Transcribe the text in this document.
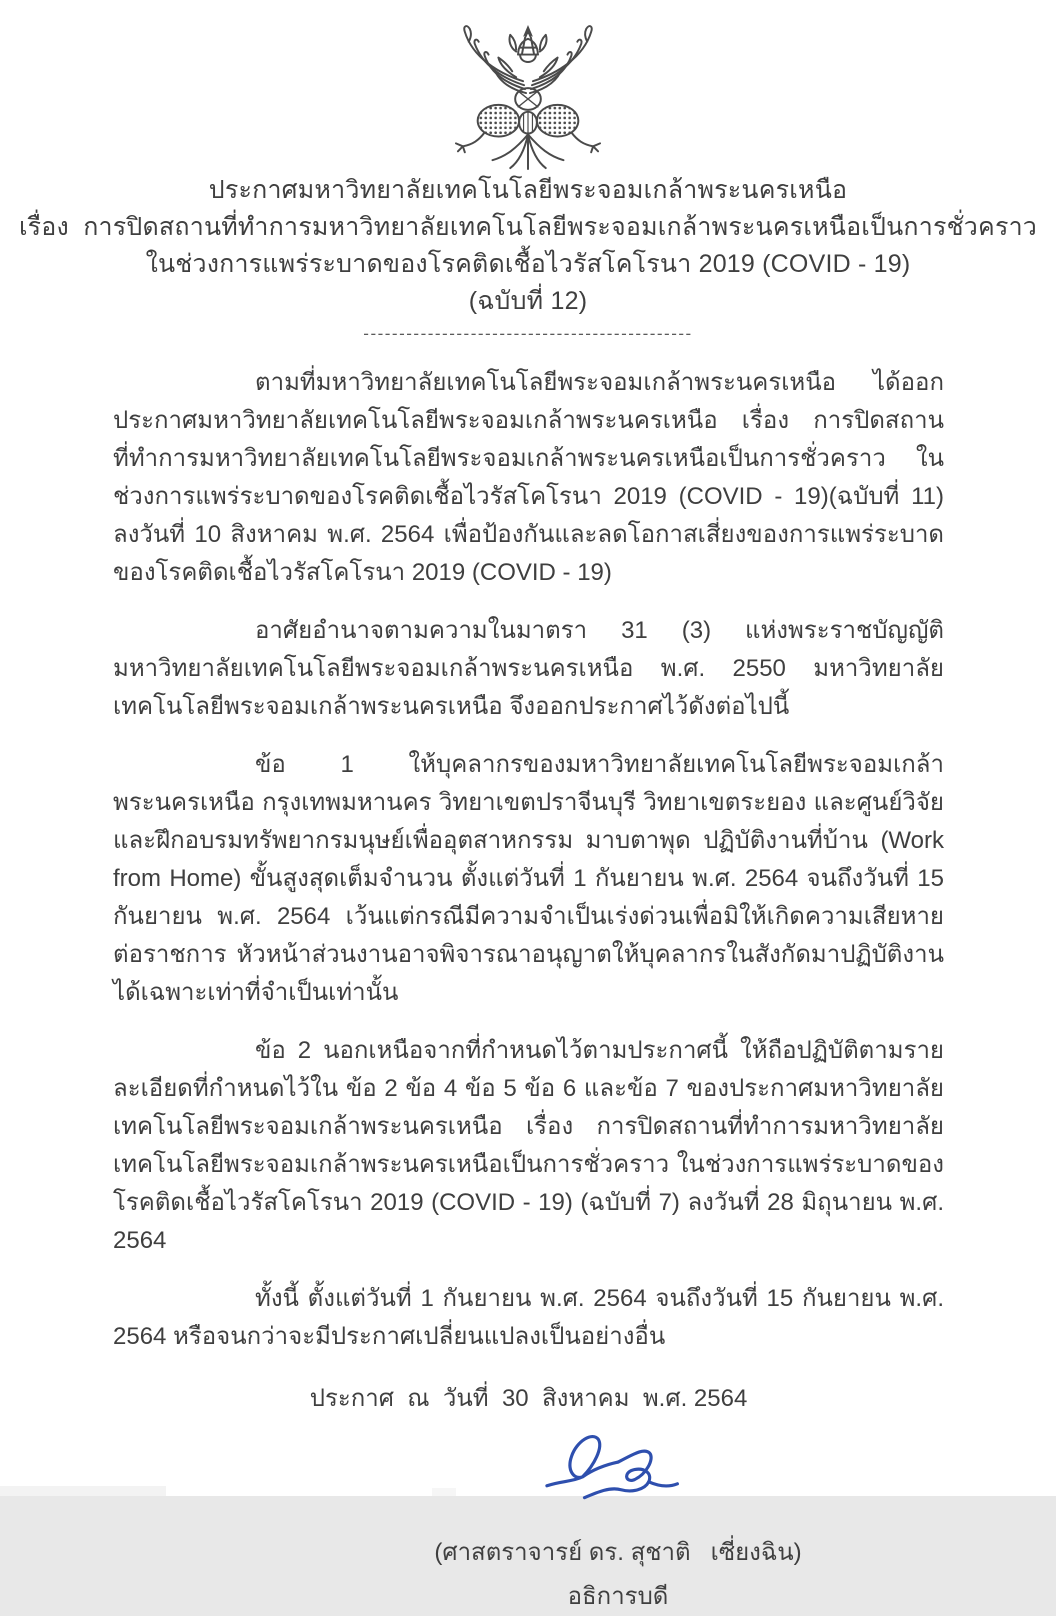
ประกาศมหาวิทยาลัยเทคโนโลยีพระจอมเกล้าพระนครเหนือ
เรื่อง  การปิดสถานที่ทำการมหาวิทยาลัยเทคโนโลยีพระจอมเกล้าพระนครเหนือเป็นการชั่วคราว
ในช่วงการแพร่ระบาดของโรคติดเชื้อไวรัสโคโรนา 2019 (COVID - 19)
(ฉบับที่ 12)
----------------------------------------------

ตามที่มหาวิทยาลัยเทคโนโลยีพระจอมเกล้าพระนครเหนือ ได้ออกประกาศมหาวิทยาลัยเทคโนโลยีพระจอมเกล้าพระนครเหนือ เรื่อง การปิดสถานที่ทำการมหาวิทยาลัยเทคโนโลยีพระจอมเกล้าพระนครเหนือเป็นการชั่วคราว ในช่วงการแพร่ระบาดของโรคติดเชื้อไวรัสโคโรนา 2019 (COVID - 19)(ฉบับที่ 11) ลงวันที่ 10 สิงหาคม พ.ศ. 2564 เพื่อป้องกันและลดโอกาสเสี่ยงของการแพร่ระบาดของโรคติดเชื้อไวรัสโคโรนา 2019 (COVID - 19)

อาศัยอำนาจตามความในมาตรา 31 (3) แห่งพระราชบัญญัติมหาวิทยาลัยเทคโนโลยีพระจอมเกล้าพระนครเหนือ พ.ศ. 2550 มหาวิทยาลัยเทคโนโลยีพระจอมเกล้าพระนครเหนือ จึงออกประกาศไว้ดังต่อไปนี้

ข้อ 1 ให้บุคลากรของมหาวิทยาลัยเทคโนโลยีพระจอมเกล้าพระนครเหนือ กรุงเทพมหานคร วิทยาเขตปราจีนบุรี วิทยาเขตระยอง และศูนย์วิจัยและฝึกอบรมทรัพยากรมนุษย์เพื่ออุตสาหกรรม มาบตาพุด ปฏิบัติงานที่บ้าน (Work from Home) ขั้นสูงสุดเต็มจำนวน ตั้งแต่วันที่ 1 กันยายน พ.ศ. 2564 จนถึงวันที่ 15 กันยายน พ.ศ. 2564 เว้นแต่กรณีมีความจำเป็นเร่งด่วนเพื่อมิให้เกิดความเสียหายต่อราชการ หัวหน้าส่วนงานอาจพิจารณาอนุญาตให้บุคลากรในสังกัดมาปฏิบัติงานได้เฉพาะเท่าที่จำเป็นเท่านั้น

ข้อ 2 นอกเหนือจากที่กำหนดไว้ตามประกาศนี้ ให้ถือปฏิบัติตามรายละเอียดที่กำหนดไว้ใน ข้อ 2 ข้อ 4 ข้อ 5 ข้อ 6 และข้อ 7 ของประกาศมหาวิทยาลัยเทคโนโลยีพระจอมเกล้าพระนครเหนือ เรื่อง การปิดสถานที่ทำการมหาวิทยาลัยเทคโนโลยีพระจอมเกล้าพระนครเหนือเป็นการชั่วคราว ในช่วงการแพร่ระบาดของโรคติดเชื้อไวรัสโคโรนา 2019 (COVID - 19) (ฉบับที่ 7) ลงวันที่ 28 มิถุนายน พ.ศ. 2564

ทั้งนี้ ตั้งแต่วันที่ 1 กันยายน พ.ศ. 2564 จนถึงวันที่ 15 กันยายน พ.ศ. 2564 หรือจนกว่าจะมีประกาศเปลี่ยนแปลงเป็นอย่างอื่น

ประกาศ  ณ  วันที่  30  สิงหาคม  พ.ศ. 2564

(ศาสตราจารย์ ดร. สุชาติ   เซี่ยงฉิน)
อธิการบดี
